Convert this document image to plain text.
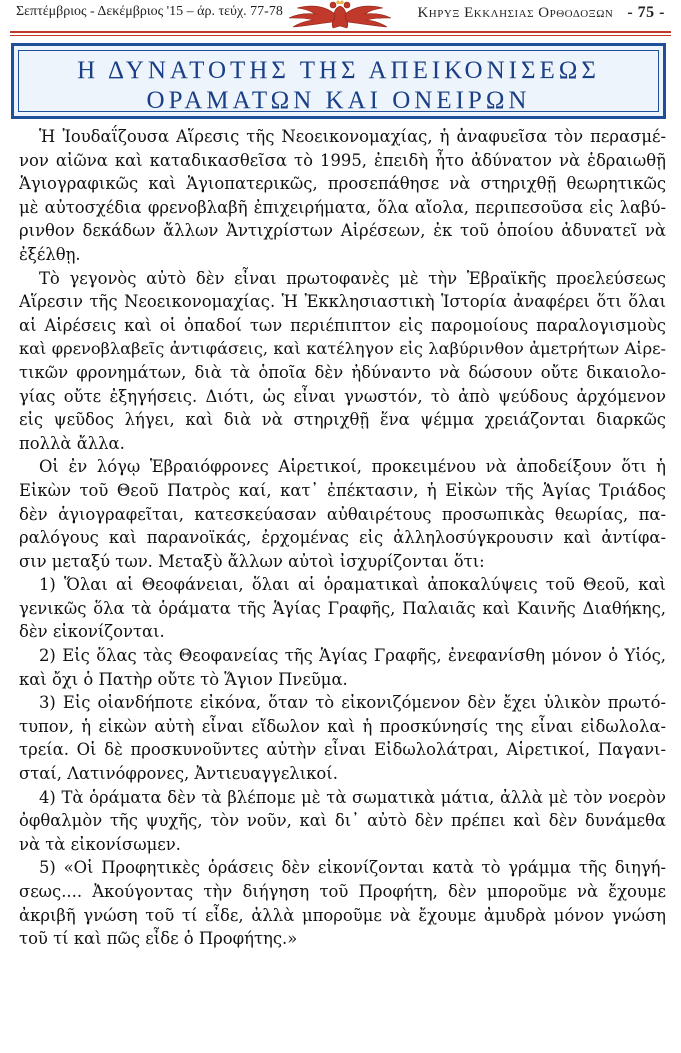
Σεπτέμβριος - Δεκέμβριος '15 – άρ. τεύχ. 77-78	Κηρυξ Εκκλησιας Ορθοδοξων - 75 -
Η ΔΥΝΑΤΟΤΗΣ ΤΗΣ ΑΠΕΙΚΟΝΙΣΕΩΣ
ΟΡΑΜΑΤΩΝ ΚΑΙ ΟΝΕΙΡΩΝ
Ἡ Ἰουδαΐζουσα Αἵρεσις τῆς Νεοεικονομαχίας, ἡ ἀναφυεῖσα τὸν περασμέ-
νον αἰῶνα καὶ καταδικασθεῖσα τὸ 1995, ἐπειδὴ ἦτο ἀδύνατον νὰ ἑδραιωθῇ
Ἁγιογραφικῶς καὶ Ἁγιοπατερικῶς, προσεπάθησε νὰ στηριχθῇ θεωρητικῶς
μὲ αὐτοσχέδια φρενοβλαβῆ ἐπιχειρήματα, ὅλα αἴολα, περιπεσοῦσα εἰς λαβύ-
ρινθον δεκάδων ἄλλων Ἀντιχρίστων Αἱρέσεων, ἐκ τοῦ ὁποίου ἀδυνατεῖ νὰ
ἐξέλθῃ.
Τὸ γεγονὸς αὐτὸ δὲν εἶναι πρωτοφανὲς μὲ τὴν Ἑβραϊκῆς προελεύσεως
Αἵρεσιν τῆς Νεοεικονομαχίας. Ἡ Ἐκκλησιαστικὴ Ἱστορία ἀναφέρει ὅτι ὅλαι
αἱ Αἱρέσεις καὶ οἱ ὀπαδοί των περιέπιπτον εἰς παρομοίους παραλογισμοὺς
καὶ φρενοβλαβεῖς ἀντιφάσεις, καὶ κατέληγον εἰς λαβύρινθον ἀμετρήτων Αἱρε-
τικῶν φρονημάτων, διὰ τὰ ὁποῖα δὲν ἠδύναντο νὰ δώσουν οὔτε δικαιολο-
γίας οὔτε ἐξηγήσεις. Διότι, ὡς εἶναι γνωστόν, τὸ ἀπὸ ψεύδους ἀρχόμενον
εἰς ψεῦδος λήγει, καὶ διὰ νὰ στηριχθῇ ἕνα ψέμμα χρειάζονται διαρκῶς
πολλὰ ἄλλα.
Οἱ ἐν λόγῳ Ἑβραιόφρονες Αἱρετικοί, προκειμένου νὰ ἀποδείξουν ὅτι ἡ
Εἰκὼν τοῦ Θεοῦ Πατρὸς καί, κατ᾽ ἐπέκτασιν, ἡ Εἰκὼν τῆς Ἁγίας Τριάδος
δὲν ἁγιογραφεῖται, κατεσκεύασαν αὐθαιρέτους προσωπικὰς θεωρίας, πα-
ραλόγους καὶ παρανοϊκάς, ἐρχομένας εἰς ἀλληλοσύγκρουσιν καὶ ἀντίφα-
σιν μεταξύ των. Μεταξὺ ἄλλων αὐτοὶ ἰσχυρίζονται ὅτι:
1) Ὅλαι αἱ Θεοφάνειαι, ὅλαι αἱ ὁραματικαὶ ἀποκαλύψεις τοῦ Θεοῦ, καὶ
γενικῶς ὅλα τὰ ὁράματα τῆς Ἁγίας Γραφῆς, Παλαιᾶς καὶ Καινῆς Διαθήκης,
δὲν εἰκονίζονται.
2) Εἰς ὅλας τὰς Θεοφανείας τῆς Ἁγίας Γραφῆς, ἐνεφανίσθη μόνον ὁ Υἱός,
καὶ ὄχι ὁ Πατὴρ οὔτε τὸ Ἅγιον Πνεῦμα.
3) Εἰς οἱανδήποτε εἰκόνα, ὅταν τὸ εἰκονιζόμενον δὲν ἔχει ὑλικὸν πρωτό-
τυπον, ἡ εἰκὼν αὐτὴ εἶναι εἴδωλον καὶ ἡ προσκύνησίς της εἶναι εἰδωλολα-
τρεία. Οἱ δὲ προσκυνοῦντες αὐτὴν εἶναι Εἰδωλολάτραι, Αἱρετικοί, Παγανι-
σταί, Λατινόφρονες, Ἀντιευαγγελικοί.
4) Τὰ ὁράματα δὲν τὰ βλέπομε μὲ τὰ σωματικὰ μάτια, ἀλλὰ μὲ τὸν νοερὸν
ὀφθαλμὸν τῆς ψυχῆς, τὸν νοῦν, καὶ δι᾽ αὐτὸ δὲν πρέπει καὶ δὲν δυνάμεθα
νὰ τὰ εἰκονίσωμεν.
5) «Οἱ Προφητικὲς ὁράσεις δὲν εἰκονίζονται κατὰ τὸ γράμμα τῆς διηγή-
σεως.... Ἀκούγοντας τὴν διήγηση τοῦ Προφήτη, δὲν μποροῦμε νὰ ἔχουμε
ἀκριβῆ γνώση τοῦ τί εἶδε, ἀλλὰ μποροῦμε νὰ ἔχουμε ἀμυδρὰ μόνον γνώση
τοῦ τί καὶ πῶς εἶδε ὁ Προφήτης.»
